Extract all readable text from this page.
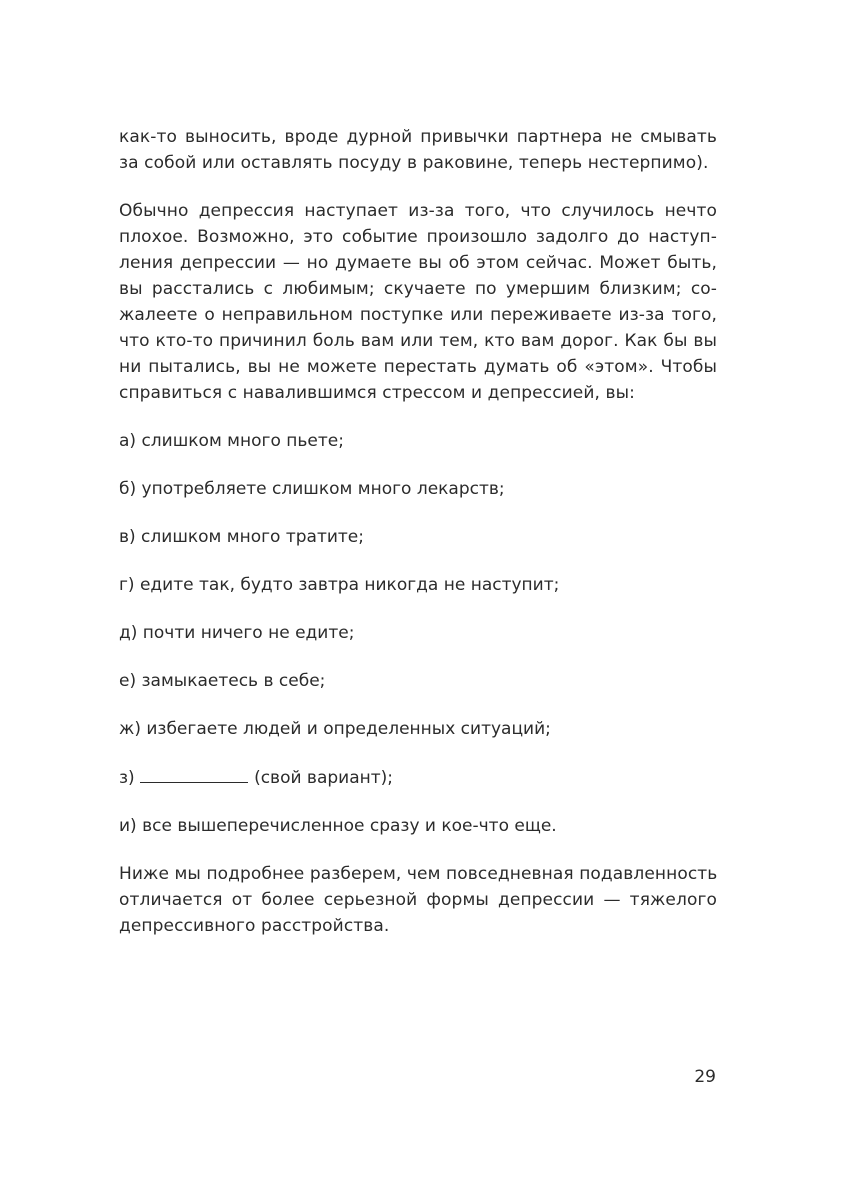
как-то выносить, вроде дурной привычки партнера не смывать
за собой или оставлять посуду в раковине, теперь нестерпимо).

Обычно депрессия наступает из-за того, что случилось нечто
плохое. Возможно, это событие произошло задолго до наступ-
ления депрессии — но думаете вы об этом сейчас. Может быть,
вы расстались с любимым; скучаете по умершим близким; со-
жалеете о неправильном поступке или переживаете из-за того,
что кто-то причинил боль вам или тем, кто вам дорог. Как бы вы
ни пытались, вы не можете перестать думать об «этом». Чтобы
справиться с навалившимся стрессом и депрессией, вы:

а) слишком много пьете;

б) употребляете слишком много лекарств;

в) слишком много тратите;

г) едите так, будто завтра никогда не наступит;

д) почти ничего не едите;

е) замыкаетесь в себе;

ж) избегаете людей и определенных ситуаций;

з)	(свой вариант);

и) все вышеперечисленное сразу и кое-что еще.

Ниже мы подробнее разберем, чем повседневная подавленность
отличается от более серьезной формы депрессии — тяжелого
депрессивного расстройства.

29
